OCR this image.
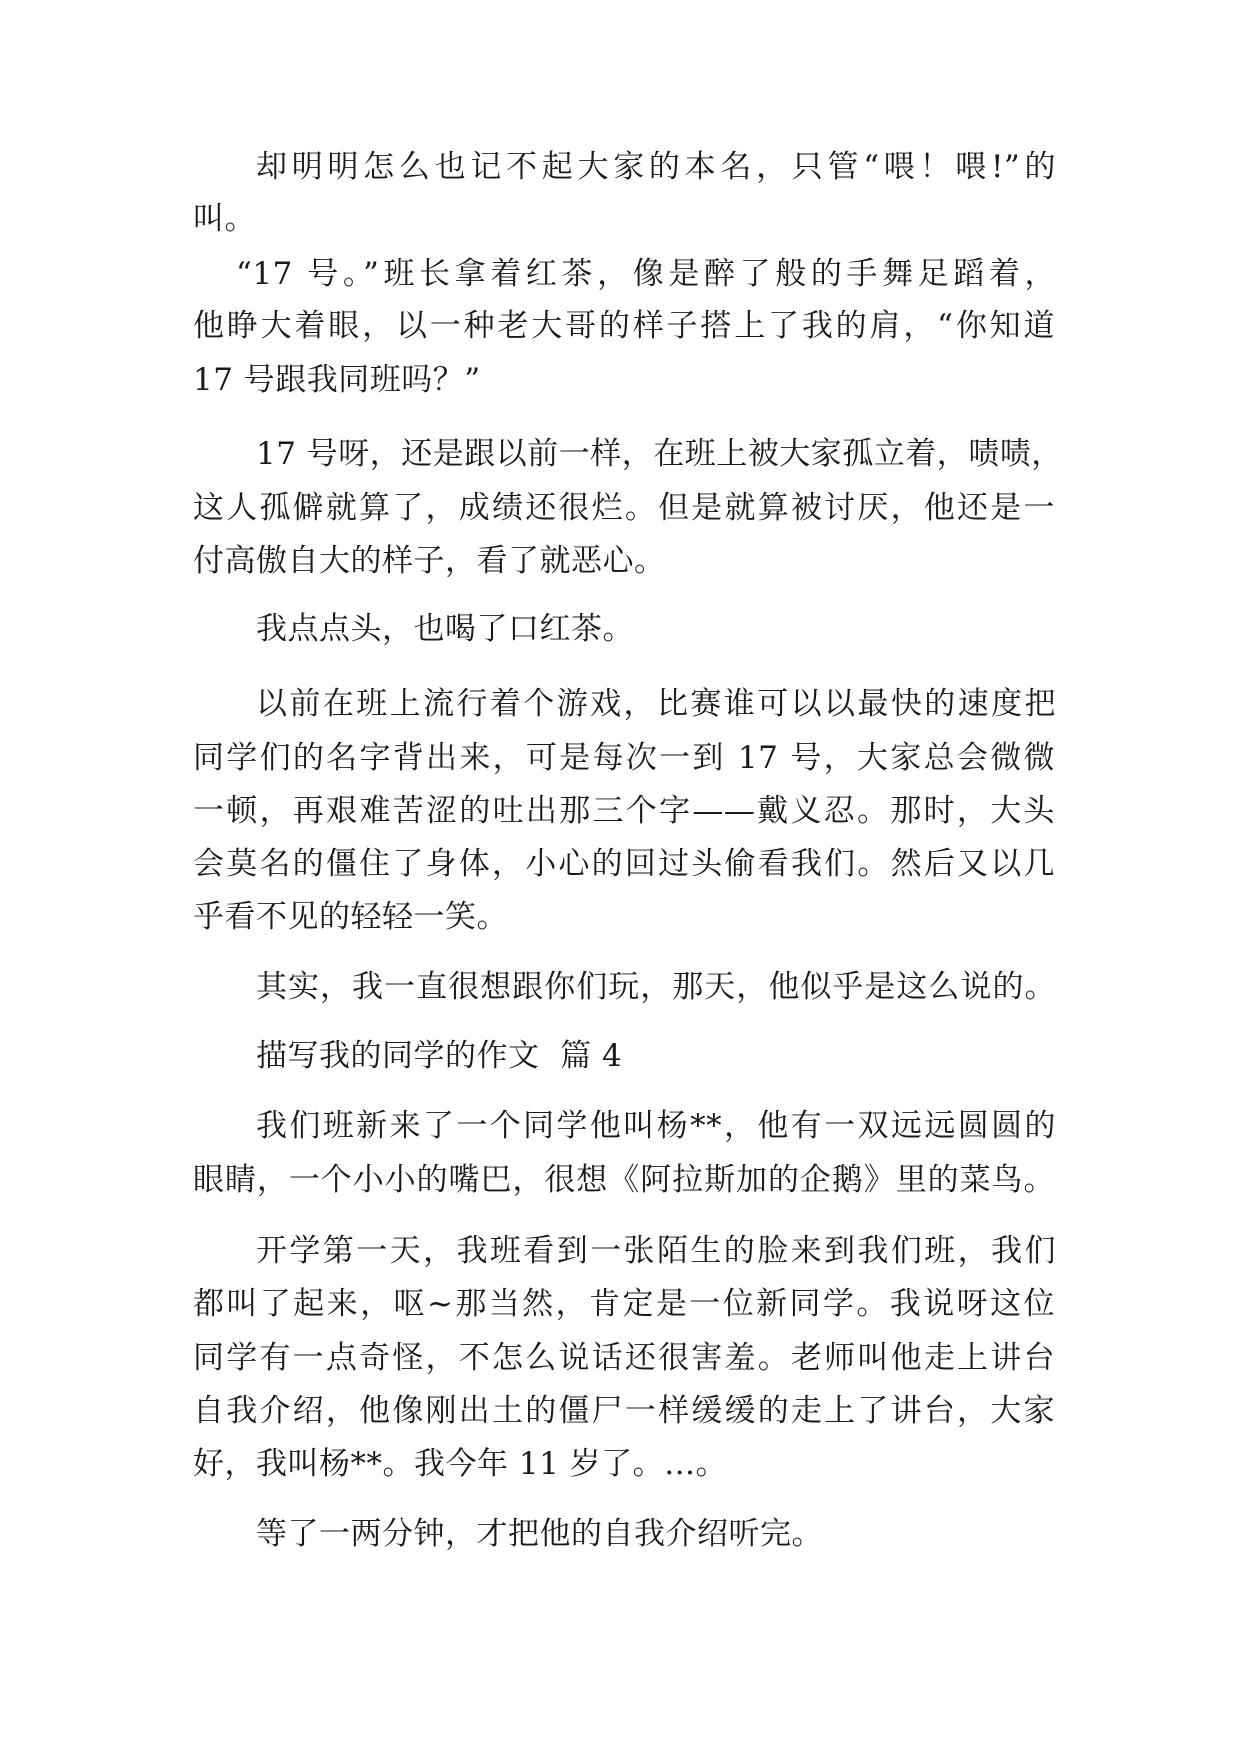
却明明怎么也记不起大家的本名，只管“喂！喂!”的

叫。

“17 号。”班长拿着红茶，像是醉了般的手舞足蹈着，

他睁大着眼，以一种老大哥的样子搭上了我的肩，“你知道

17 号跟我同班吗？”

17 号呀，还是跟以前一样，在班上被大家孤立着，啧啧，

这人孤僻就算了，成绩还很烂。但是就算被讨厌，他还是一

付高傲自大的样子，看了就恶心。

我点点头，也喝了口红茶。

以前在班上流行着个游戏，比赛谁可以以最快的速度把

同学们的名字背出来，可是每次一到 17 号，大家总会微微

一顿，再艰难苦涩的吐出那三个字——戴义忍。那时，大头

会莫名的僵住了身体，小心的回过头偷看我们。然后又以几

乎看不见的轻轻一笑。

其实，我一直很想跟你们玩，那天，他似乎是这么说的。

描写我的同学的作文  篇 4

我们班新来了一个同学他叫杨**，他有一双远远圆圆的

眼睛，一个小小的嘴巴，很想《阿拉斯加的企鹅》里的菜鸟。

开学第一天，我班看到一张陌生的脸来到我们班，我们

都叫了起来，呕~那当然，肯定是一位新同学。我说呀这位

同学有一点奇怪，不怎么说话还很害羞。老师叫他走上讲台

自我介绍，他像刚出土的僵尸一样缓缓的走上了讲台，大家

好，我叫杨**。我今年 11 岁了。…。

等了一两分钟，才把他的自我介绍听完。
